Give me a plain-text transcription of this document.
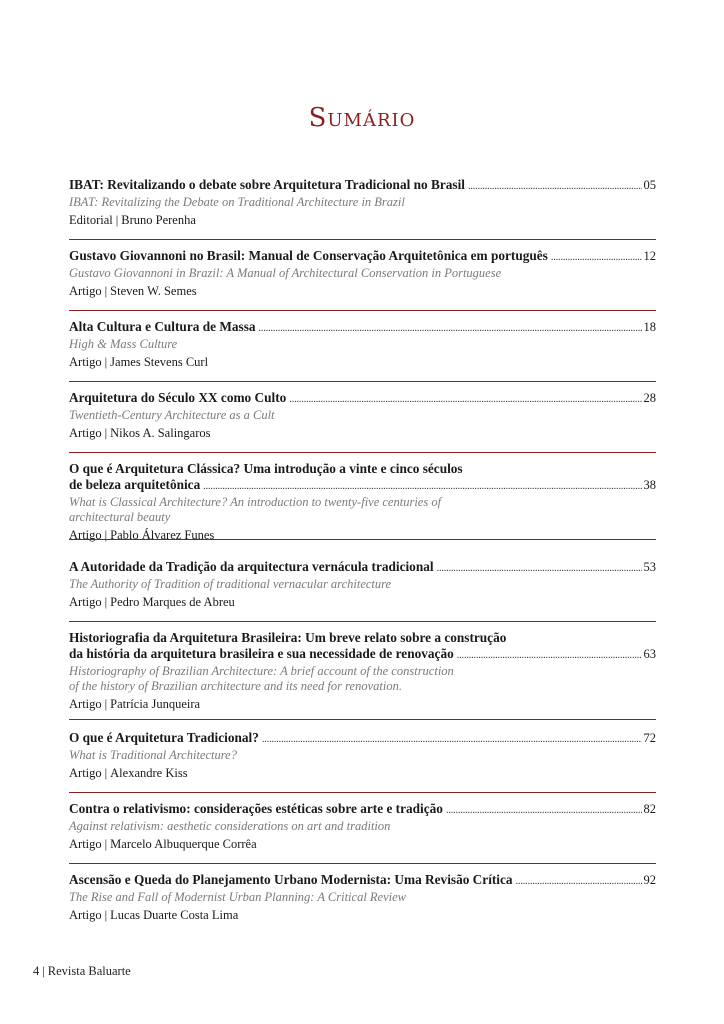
Sumário
IBAT: Revitalizando o debate sobre Arquitetura Tradicional no Brasil . . .	05
IBAT: Revitalizing the Debate on Traditional Architecture in Brazil
Editorial | Bruno Perenha
Gustavo Giovannoni no Brasil: Manual de Conservação Arquitetônica em português . . .	12
Gustavo Giovannoni in Brazil: A Manual of Architectural Conservation in Portuguese
Artigo | Steven W. Semes
Alta Cultura e Cultura de Massa . . .	18
High & Mass Culture
Artigo | James Stevens Curl
Arquitetura do Século XX como Culto . . .	28
Twentieth-Century Architecture as a Cult
Artigo | Nikos A. Salingaros
O que é Arquitetura Clássica? Uma introdução a vinte e cinco séculos
de beleza arquitetônica . . .	38
What is Classical Architecture? An introduction to twenty-five centuries of
architectural beauty
Artigo | Pablo Álvarez Funes
A Autoridade da Tradição da arquitectura vernácula tradicional . . .	53
The Authority of Tradition of traditional vernacular architecture
Artigo | Pedro Marques de Abreu
Historiografia da Arquitetura Brasileira: Um breve relato sobre a construção
da história da arquitetura brasileira e sua necessidade de renovação . . .	63
Historiography of Brazilian Architecture: A brief account of the construction
of the history of Brazilian architecture and its need for renovation.
Artigo | Patrícia Junqueira
O que é Arquitetura Tradicional? . . .	72
What is Traditional Architecture?
Artigo | Alexandre Kiss
Contra o relativismo: considerações estéticas sobre arte e tradição . . .	82
Against relativism: aesthetic considerations on art and tradition
Artigo | Marcelo Albuquerque Corrêa
Ascensão e Queda do Planejamento Urbano Modernista: Uma Revisão Crítica . . .	92
The Rise and Fall of Modernist Urban Planning: A Critical Review
Artigo | Lucas Duarte Costa Lima
4 | Revista Baluarte
